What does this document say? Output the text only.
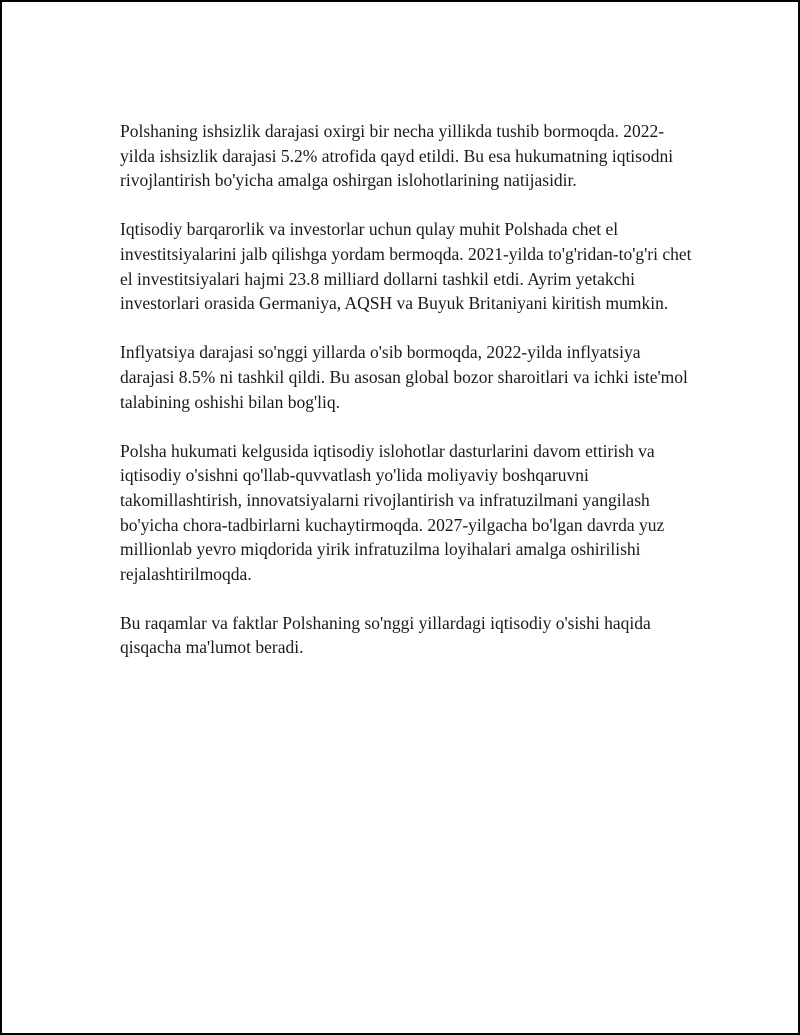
Polshaning ishsizlik darajasi oxirgi bir necha yillikda tushib bormoqda. 2022-yilda ishsizlik darajasi 5.2% atrofida qayd etildi. Bu esa hukumatning iqtisodni rivojlantirish bo'yicha amalga oshirgan islohotlarining natijasidir.

Iqtisodiy barqarorlik va investorlar uchun qulay muhit Polshada chet el investitsiyalarini jalb qilishga yordam bermoqda. 2021-yilda to'g'ridan-to'g'ri chet el investitsiyalari hajmi 23.8 milliard dollarni tashkil etdi. Ayrim yetakchi investorlari orasida Germaniya, AQSH va Buyuk Britaniyani kiritish mumkin.

Inflyatsiya darajasi so'nggi yillarda o'sib bormoqda, 2022-yilda inflyatsiya darajasi 8.5% ni tashkil qildi. Bu asosan global bozor sharoitlari va ichki iste'mol talabining oshishi bilan bog'liq.

Polsha hukumati kelgusida iqtisodiy islohotlar dasturlarini davom ettirish va iqtisodiy o'sishni qo'llab-quvvatlash yo'lida moliyaviy boshqaruvni takomillashtirish, innovatsiyalarni rivojlantirish va infratuzilmani yangilash bo'yicha chora-tadbirlarni kuchaytirmoqda. 2027-yilgacha bo'lgan davrda yuz millionlab yevro miqdorida yirik infratuzilma loyihalari amalga oshirilishi rejalashtirilmoqda.

Bu raqamlar va faktlar Polshaning so'nggi yillardagi iqtisodiy o'sishi haqida qisqacha ma'lumot beradi.
